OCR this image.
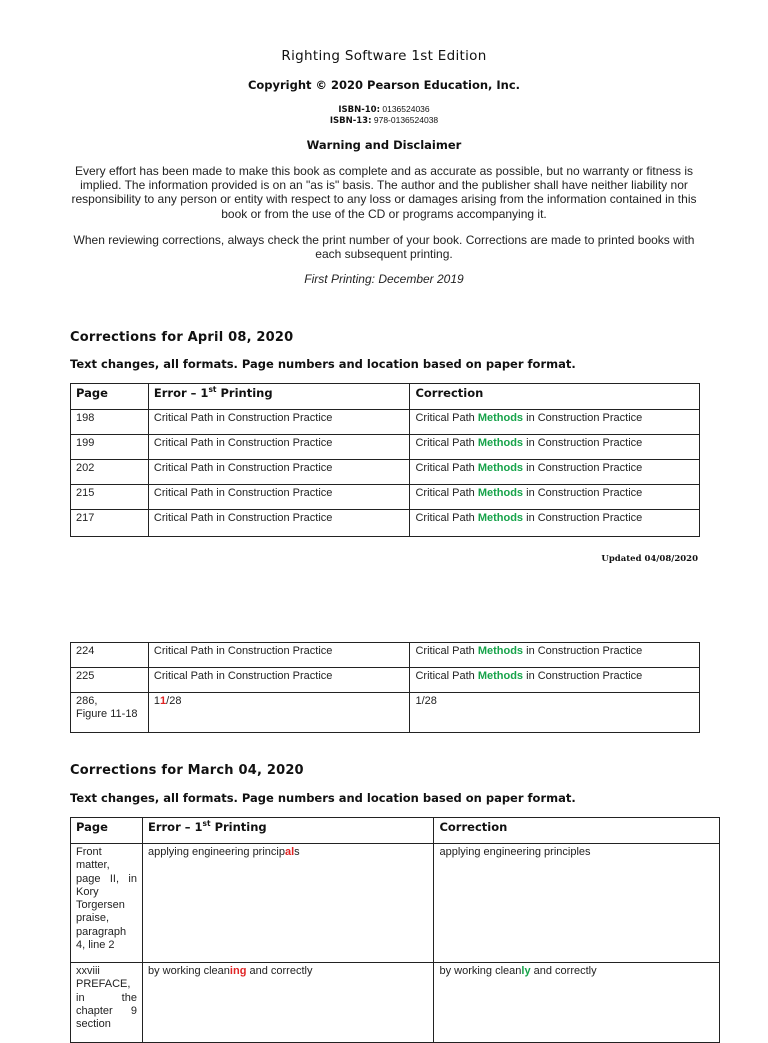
Righting Software 1st Edition
Copyright © 2020 Pearson Education, Inc.
ISBN-10: 0136524036
ISBN-13: 978-0136524038
Warning and Disclaimer
Every effort has been made to make this book as complete and as accurate as possible, but no warranty or fitness is implied. The information provided is on an "as is" basis. The author and the publisher shall have neither liability nor responsibility to any person or entity with respect to any loss or damages arising from the information contained in this book or from the use of the CD or programs accompanying it.
When reviewing corrections, always check the print number of your book. Corrections are made to printed books with each subsequent printing.
First Printing: December 2019
Corrections for April 08, 2020
Text changes, all formats. Page numbers and location based on paper format.
Page	Error – 1st Printing	Correction
198	Critical Path in Construction Practice	Critical Path Methods in Construction Practice
199	Critical Path in Construction Practice	Critical Path Methods in Construction Practice
202	Critical Path in Construction Practice	Critical Path Methods in Construction Practice
215	Critical Path in Construction Practice	Critical Path Methods in Construction Practice
217	Critical Path in Construction Practice	Critical Path Methods in Construction Practice
Updated 04/08/2020
224	Critical Path in Construction Practice	Critical Path Methods in Construction Practice
225	Critical Path in Construction Practice	Critical Path Methods in Construction Practice
286,
Figure 11-18	11/28	1/28
Corrections for March 04, 2020
Text changes, all formats. Page numbers and location based on paper format.
Page	Error – 1st Printing	Correction
Front matter, page II, in Kory Torgersen praise, paragraph 4, line 2	applying engineering principals	applying engineering principles
xxviii PREFACE, in the chapter 9 section	by working cleaning and correctly	by working cleanly and correctly
